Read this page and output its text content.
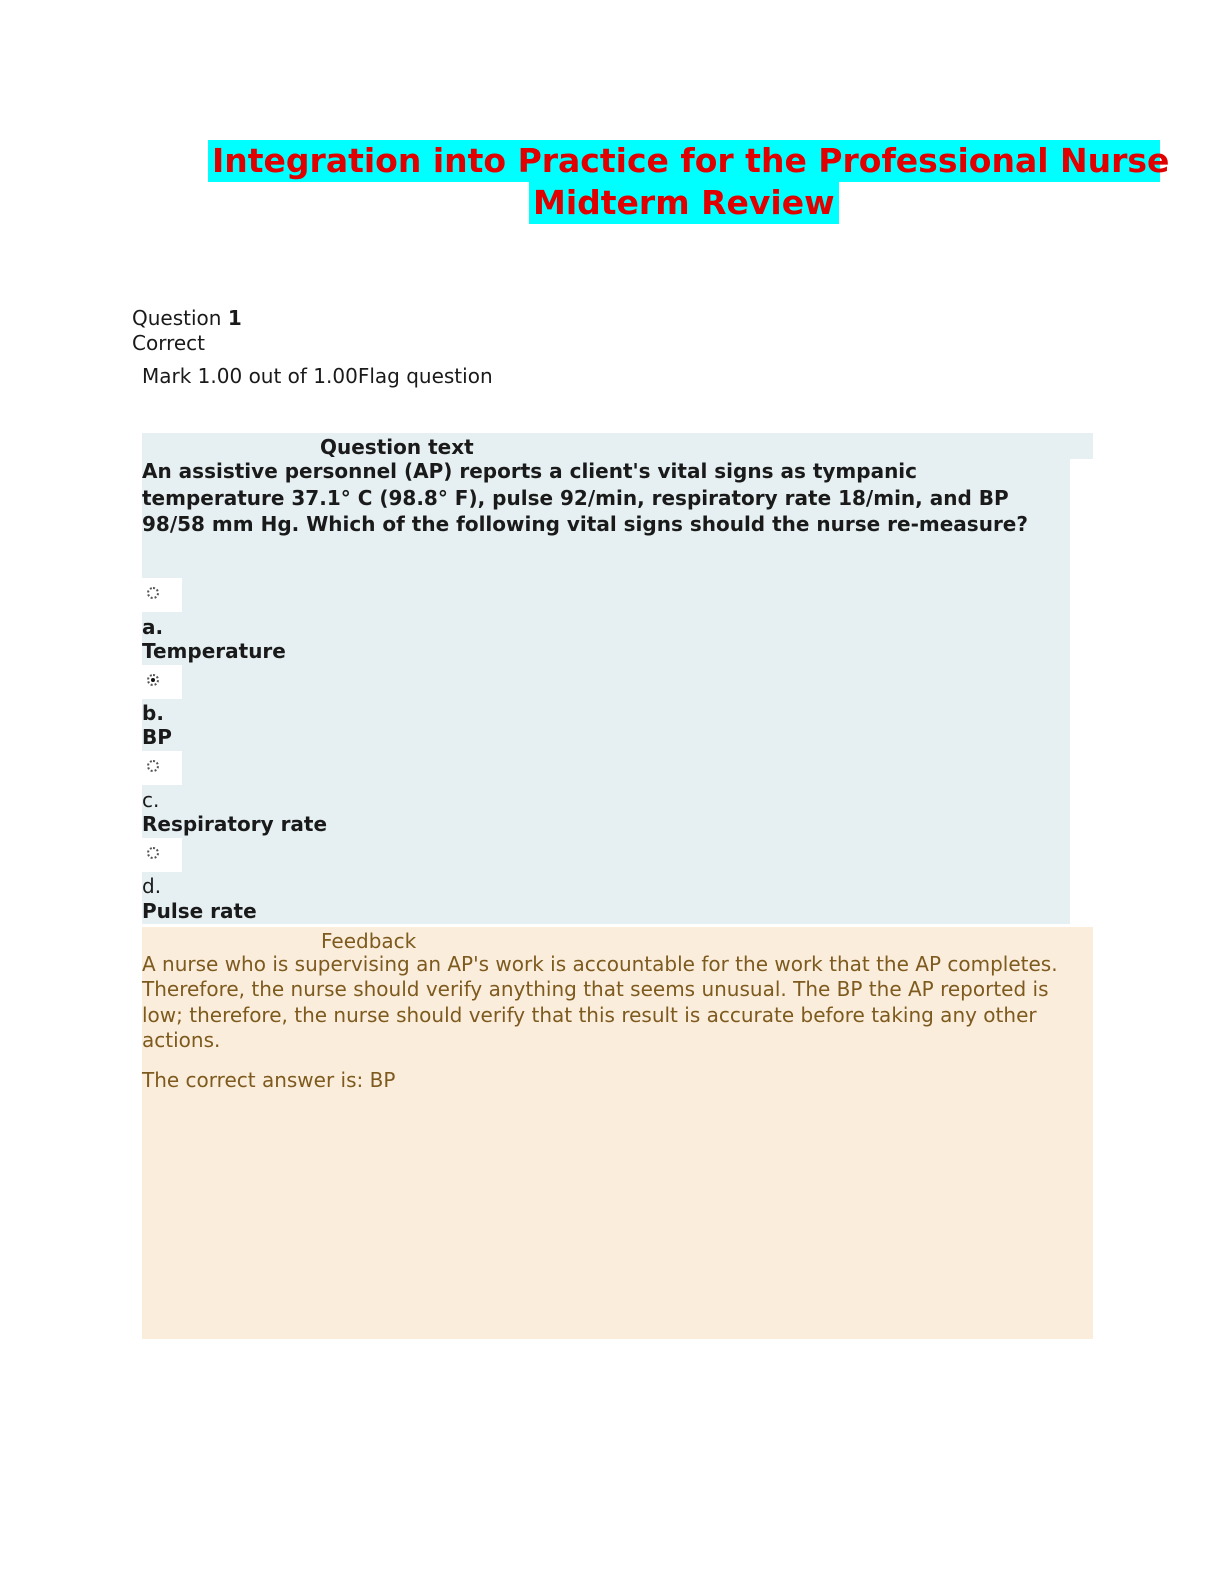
Integration into Practice for the Professional Nurse
Midterm Review
Question 1
Correct
Mark 1.00 out of 1.00Flag question
Question text
An assistive personnel (AP) reports a client's vital signs as tympanic temperature 37.1° C (98.8° F), pulse 92/min, respiratory rate 18/min, and BP 98/58 mm Hg. Which of the following vital signs should the nurse re-measure?
a.
Temperature
b.
BP
c.
Respiratory rate
d.
Pulse rate
Feedback
A nurse who is supervising an AP's work is accountable for the work that the AP completes. Therefore, the nurse should verify anything that seems unusual. The BP the AP reported is low; therefore, the nurse should verify that this result is accurate before taking any other actions.
The correct answer is: BP
